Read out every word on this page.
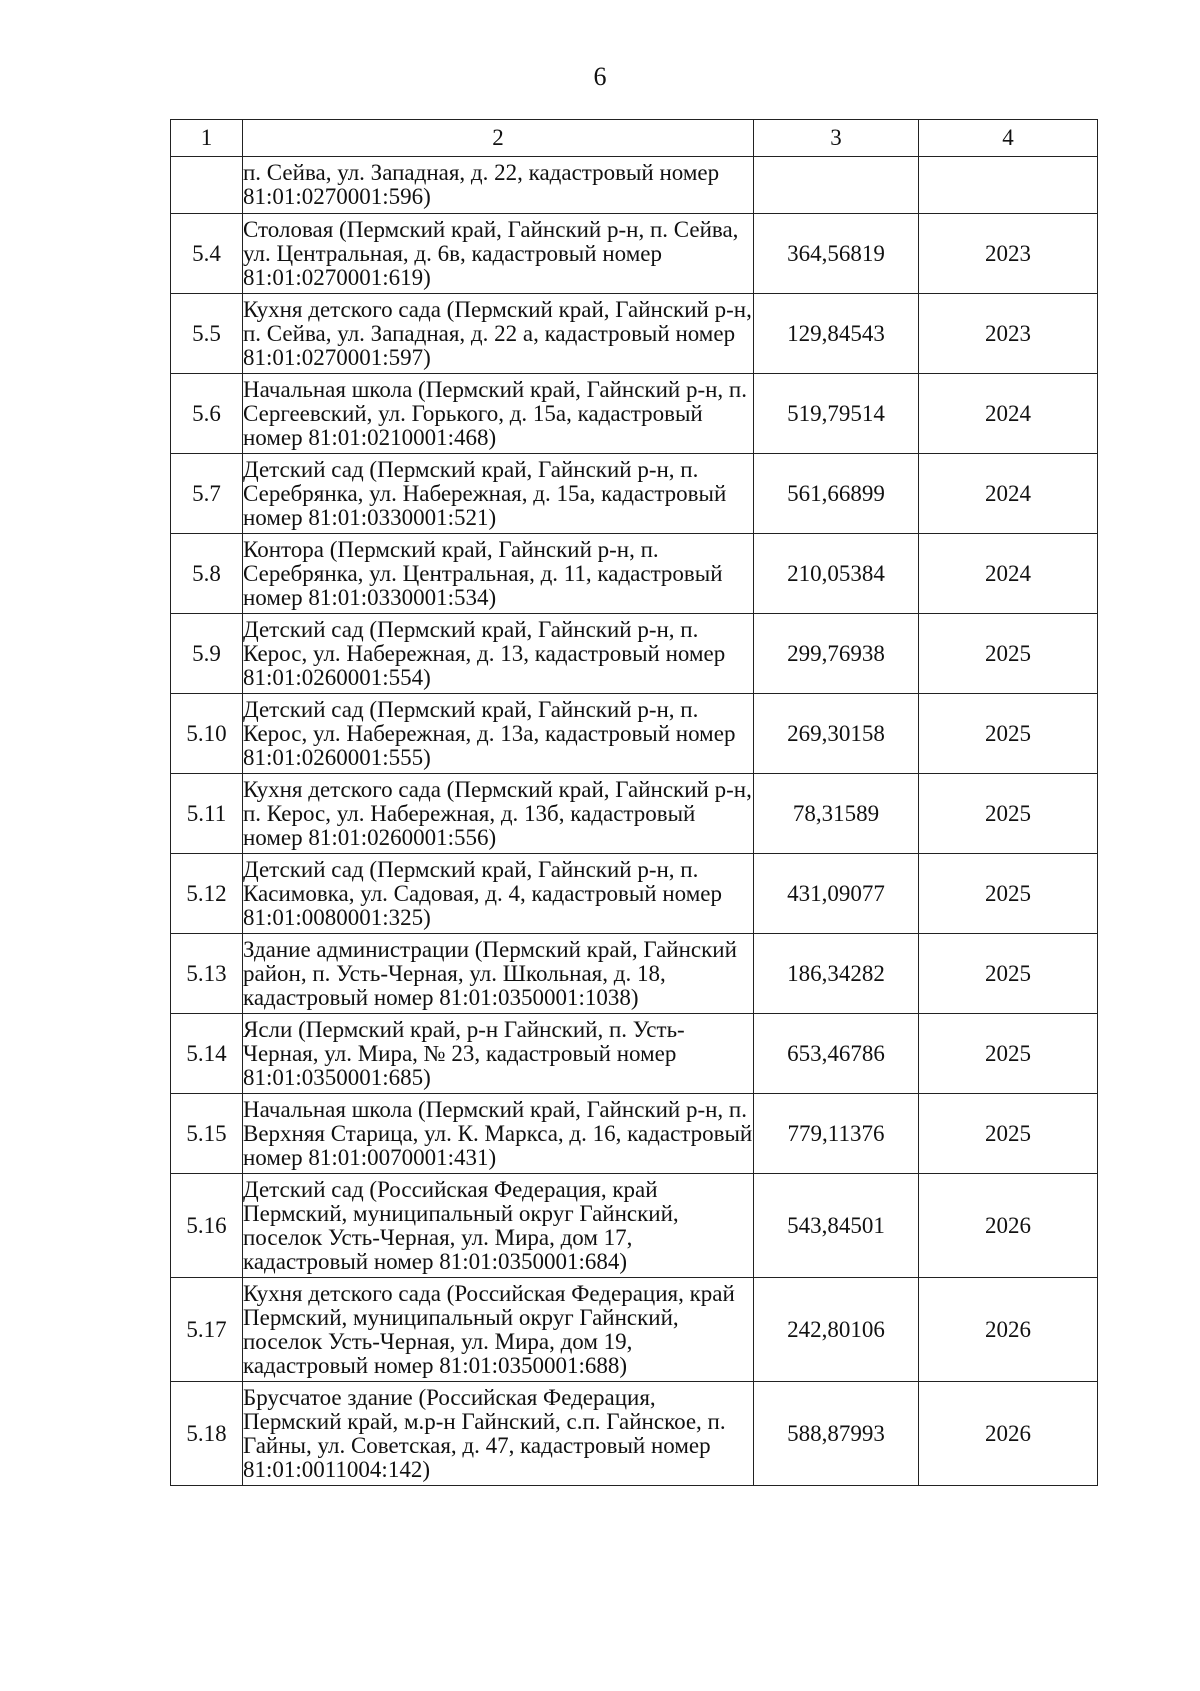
6
1	2	3	4
	п. Сейва, ул. Западная, д. 22, кадастровый номер 81:01:0270001:596)		
5.4	Столовая (Пермский край, Гайнский р-н, п. Сейва, ул. Центральная, д. 6в, кадастровый номер 81:01:0270001:619)	364,56819	2023
5.5	Кухня детского сада (Пермский край, Гайнский р-н, п. Сейва, ул. Западная, д. 22 а, кадастровый номер 81:01:0270001:597)	129,84543	2023
5.6	Начальная школа (Пермский край, Гайнский р-н, п. Сергеевский, ул. Горького, д. 15а, кадастровый номер 81:01:0210001:468)	519,79514	2024
5.7	Детский сад (Пермский край, Гайнский р-н, п. Серебрянка, ул. Набережная, д. 15а, кадастровый номер 81:01:0330001:521)	561,66899	2024
5.8	Контора (Пермский край, Гайнский р-н, п. Серебрянка, ул. Центральная, д. 11, кадастровый номер 81:01:0330001:534)	210,05384	2024
5.9	Детский сад (Пермский край, Гайнский р-н, п. Керос, ул. Набережная, д. 13, кадастровый номер 81:01:0260001:554)	299,76938	2025
5.10	Детский сад (Пермский край, Гайнский р-н, п. Керос, ул. Набережная, д. 13а, кадастровый номер 81:01:0260001:555)	269,30158	2025
5.11	Кухня детского сада (Пермский край, Гайнский р-н, п. Керос, ул. Набережная, д. 13б, кадастровый номер 81:01:0260001:556)	78,31589	2025
5.12	Детский сад (Пермский край, Гайнский р-н, п. Касимовка, ул. Садовая, д. 4, кадастровый номер 81:01:0080001:325)	431,09077	2025
5.13	Здание администрации (Пермский край, Гайнский район, п. Усть-Черная, ул. Школьная, д. 18, кадастровый номер 81:01:0350001:1038)	186,34282	2025
5.14	Ясли (Пермский край, р-н Гайнский, п. Усть-Черная, ул. Мира, № 23, кадастровый номер 81:01:0350001:685)	653,46786	2025
5.15	Начальная школа (Пермский край, Гайнский р-н, п. Верхняя Старица, ул. К. Маркса, д. 16, кадастровый номер 81:01:0070001:431)	779,11376	2025
5.16	Детский сад (Российская Федерация, край Пермский, муниципальный округ Гайнский, поселок Усть-Черная, ул. Мира, дом 17, кадастровый номер 81:01:0350001:684)	543,84501	2026
5.17	Кухня детского сада (Российская Федерация, край Пермский, муниципальный округ Гайнский, поселок Усть-Черная, ул. Мира, дом 19, кадастровый номер 81:01:0350001:688)	242,80106	2026
5.18	Брусчатое здание (Российская Федерация, Пермский край, м.р-н Гайнский, с.п. Гайнское, п. Гайны, ул. Советская, д. 47, кадастровый номер 81:01:0011004:142)	588,87993	2026
